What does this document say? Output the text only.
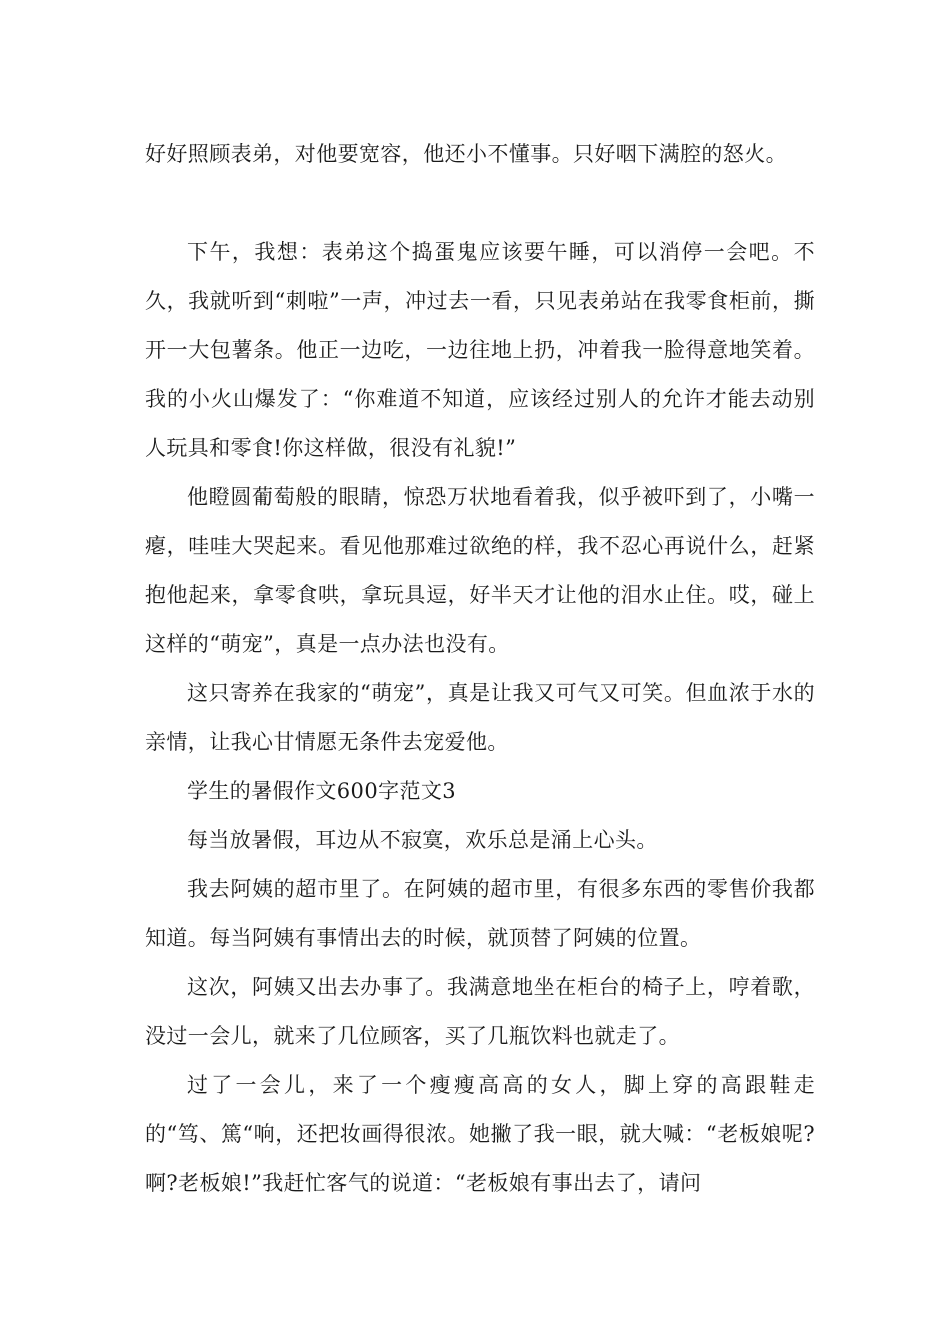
好好照顾表弟，对他要宽容，他还小不懂事。只好咽下满腔的怒火。

下午，我想：表弟这个捣蛋鬼应该要午睡，可以消停一会吧。不久，我就听到“刺啦”一声，冲过去一看，只见表弟站在我零食柜前，撕开一大包薯条。他正一边吃，一边往地上扔，冲着我一脸得意地笑着。我的小火山爆发了：“你难道不知道，应该经过别人的允许才能去动别人玩具和零食!你这样做，很没有礼貌!”

他瞪圆葡萄般的眼睛，惊恐万状地看着我，似乎被吓到了，小嘴一瘪，哇哇大哭起来。看见他那难过欲绝的样，我不忍心再说什么，赶紧抱他起来，拿零食哄，拿玩具逗，好半天才让他的泪水止住。哎，碰上这样的“萌宠”，真是一点办法也没有。

这只寄养在我家的“萌宠”，真是让我又可气又可笑。但血浓于水的亲情，让我心甘情愿无条件去宠爱他。

学生的暑假作文600字范文3

每当放暑假，耳边从不寂寞，欢乐总是涌上心头。

我去阿姨的超市里了。在阿姨的超市里，有很多东西的零售价我都知道。每当阿姨有事情出去的时候，就顶替了阿姨的位置。

这次，阿姨又出去办事了。我满意地坐在柜台的椅子上，哼着歌，没过一会儿，就来了几位顾客，买了几瓶饮料也就走了。

过了一会儿，来了一个瘦瘦高高的女人，脚上穿的高跟鞋走的“笃、篤“响，还把妆画得很浓。她撇了我一眼，就大喊：“老板娘呢?啊?老板娘!”我赶忙客气的说道：“老板娘有事出去了，请问
